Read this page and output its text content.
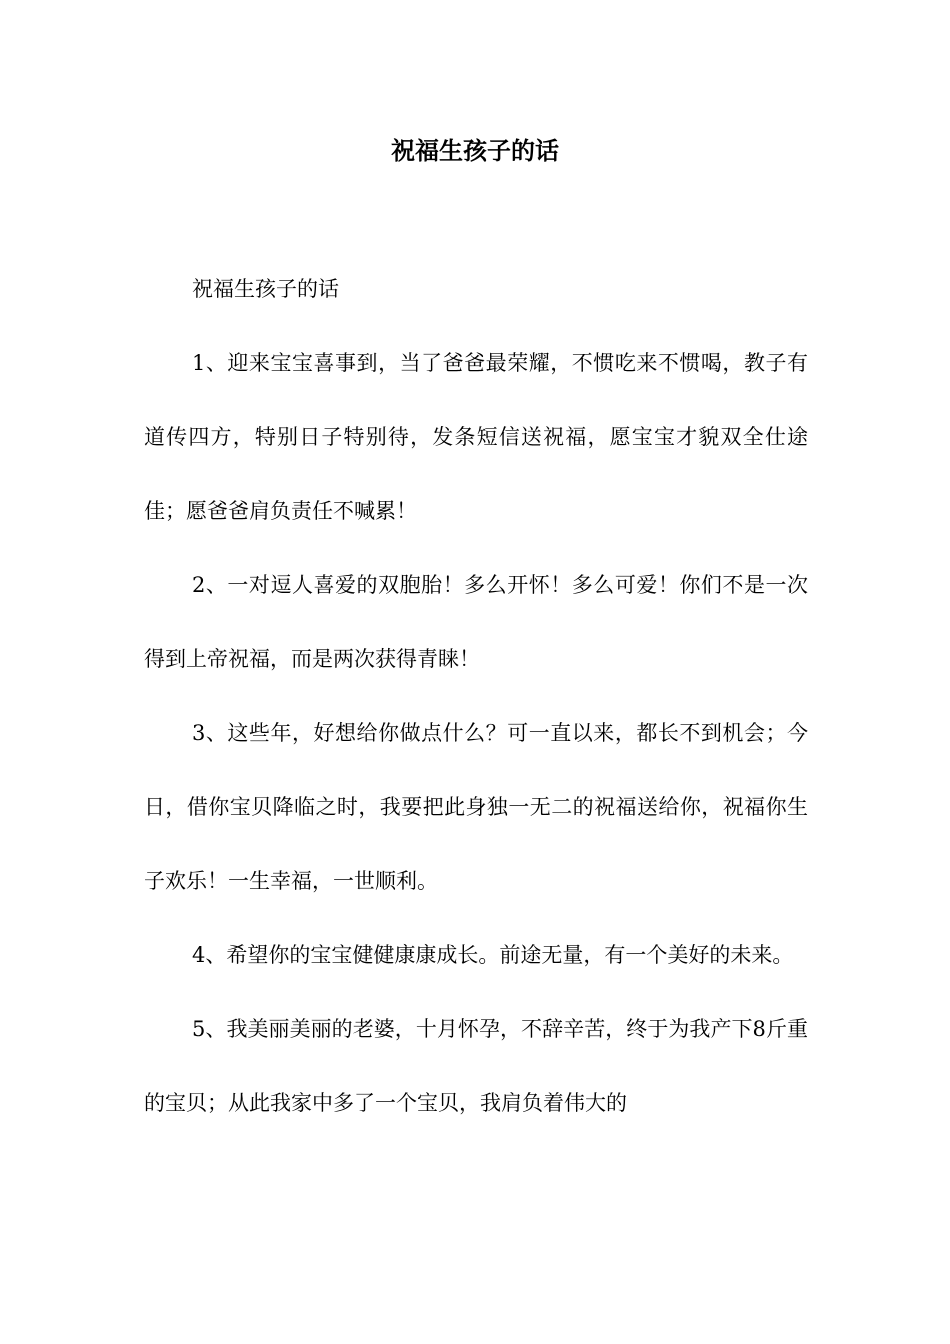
祝福生孩子的话

祝福生孩子的话

1、迎来宝宝喜事到，当了爸爸最荣耀，不惯吃来不惯喝，教子有道传四方，特别日子特别待，发条短信送祝福，愿宝宝才貌双全仕途佳；愿爸爸肩负责任不喊累！

2、一对逗人喜爱的双胞胎！多么开怀！多么可爱！你们不是一次得到上帝祝福，而是两次获得青睐！

3、这些年，好想给你做点什么？可一直以来，都长不到机会；今日，借你宝贝降临之时，我要把此身独一无二的祝福送给你，祝福你生子欢乐！一生幸福，一世顺利。

4、希望你的宝宝健健康康成长。前途无量，有一个美好的未来。

5、我美丽美丽的老婆，十月怀孕，不辞辛苦，终于为我产下8斤重的宝贝；从此我家中多了一个宝贝，我肩负着伟大的
